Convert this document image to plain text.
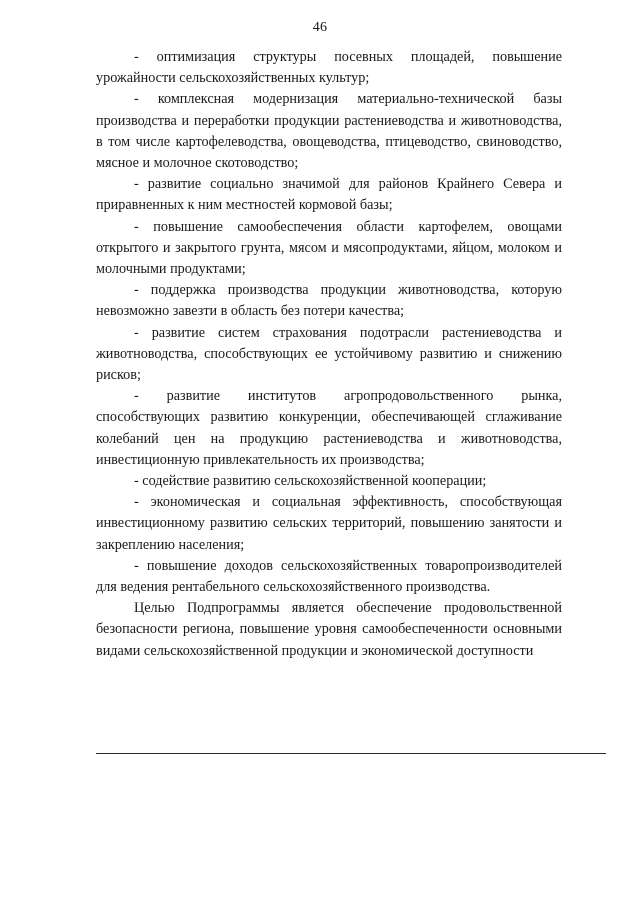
46

- оптимизация структуры посевных площадей, повышение урожайности сельскохозяйственных культур;

- комплексная модернизация материально-технической базы производства и переработки продукции растениеводства и животноводства, в том числе картофелеводства, овощеводства, птицеводство, свиноводство, мясное и молочное скотоводство;

- развитие социально значимой для районов Крайнего Севера и приравненных к ним местностей кормовой базы;

- повышение самообеспечения области картофелем, овощами открытого и закрытого грунта, мясом и мясопродуктами, яйцом, молоком и молочными продуктами;

- поддержка производства продукции животноводства, которую невозможно завезти в область без потери качества;

- развитие систем страхования подотрасли растениеводства и животноводства, способствующих ее устойчивому развитию и снижению рисков;

- развитие институтов агропродовольственного рынка, способствующих развитию конкуренции, обеспечивающей сглаживание колебаний цен на продукцию растениеводства и животноводства, инвестиционную привлекательность их производства;

- содействие развитию сельскохозяйственной кооперации;

- экономическая и социальная эффективность, способствующая инвестиционному развитию сельских территорий, повышению занятости и закреплению населения;

- повышение доходов сельскохозяйственных товаропроизводителей для ведения рентабельного сельскохозяйственного производства.

Целью Подпрограммы является обеспечение продовольственной безопасности региона, повышение уровня самообеспеченности основными видами сельскохозяйственной продукции и экономической доступности
